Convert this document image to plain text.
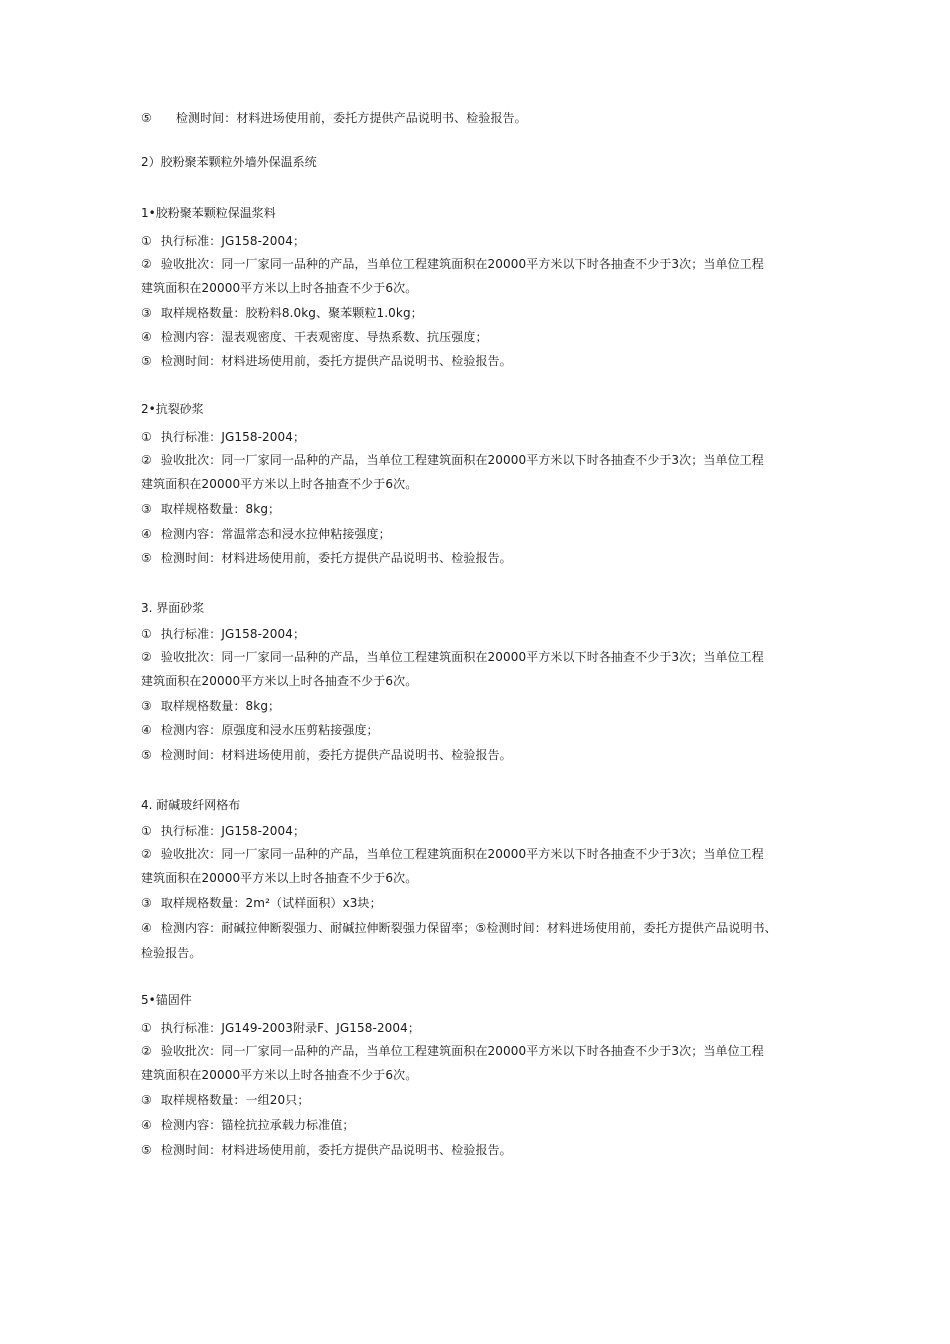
⑤ 检测时间：材料进场使用前，委托方提供产品说明书、检验报告。
2）胶粉聚苯颗粒外墙外保温系统
1•胶粉聚苯颗粒保温浆料
① 执行标准：JG158-2004；
② 验收批次：同一厂家同一品种的产品，当单位工程建筑面积在20000平方米以下时各抽查不少于3次；当单位工程
建筑面积在20000平方米以上时各抽查不少于6次。
③ 取样规格数量：胶粉料8.0kg、聚苯颗粒1.0kg；
④ 检测内容：湿表观密度、干表观密度、导热系数、抗压强度；
⑤ 检测时间：材料进场使用前，委托方提供产品说明书、检验报告。
2•抗裂砂浆
① 执行标准：JG158-2004；
② 验收批次：同一厂家同一品种的产品，当单位工程建筑面积在20000平方米以下时各抽查不少于3次；当单位工程
建筑面积在20000平方米以上时各抽查不少于6次。
③ 取样规格数量：8kg；
④ 检测内容：常温常态和浸水拉伸粘接强度；
⑤ 检测时间：材料进场使用前，委托方提供产品说明书、检验报告。
3. 界面砂浆
① 执行标准：JG158-2004；
② 验收批次：同一厂家同一品种的产品，当单位工程建筑面积在20000平方米以下时各抽查不少于3次；当单位工程
建筑面积在20000平方米以上时各抽查不少于6次。
③ 取样规格数量：8kg；
④ 检测内容：原强度和浸水压剪粘接强度；
⑤ 检测时间：材料进场使用前，委托方提供产品说明书、检验报告。
4. 耐碱玻纤网格布
① 执行标准：JG158-2004；
② 验收批次：同一厂家同一品种的产品，当单位工程建筑面积在20000平方米以下时各抽查不少于3次；当单位工程
建筑面积在20000平方米以上时各抽查不少于6次。
③ 取样规格数量：2m²（试样面积）x3块；
④ 检测内容：耐碱拉伸断裂强力、耐碱拉伸断裂强力保留率；⑤检测时间：材料进场使用前，委托方提供产品说明书、
检验报告。
5•锚固件
① 执行标准：JG149-2003附录F、JG158-2004；
② 验收批次：同一厂家同一品种的产品，当单位工程建筑面积在20000平方米以下时各抽查不少于3次；当单位工程
建筑面积在20000平方米以上时各抽查不少于6次。
③ 取样规格数量：一组20只；
④ 检测内容：锚栓抗拉承载力标准值；
⑤ 检测时间：材料进场使用前，委托方提供产品说明书、检验报告。
